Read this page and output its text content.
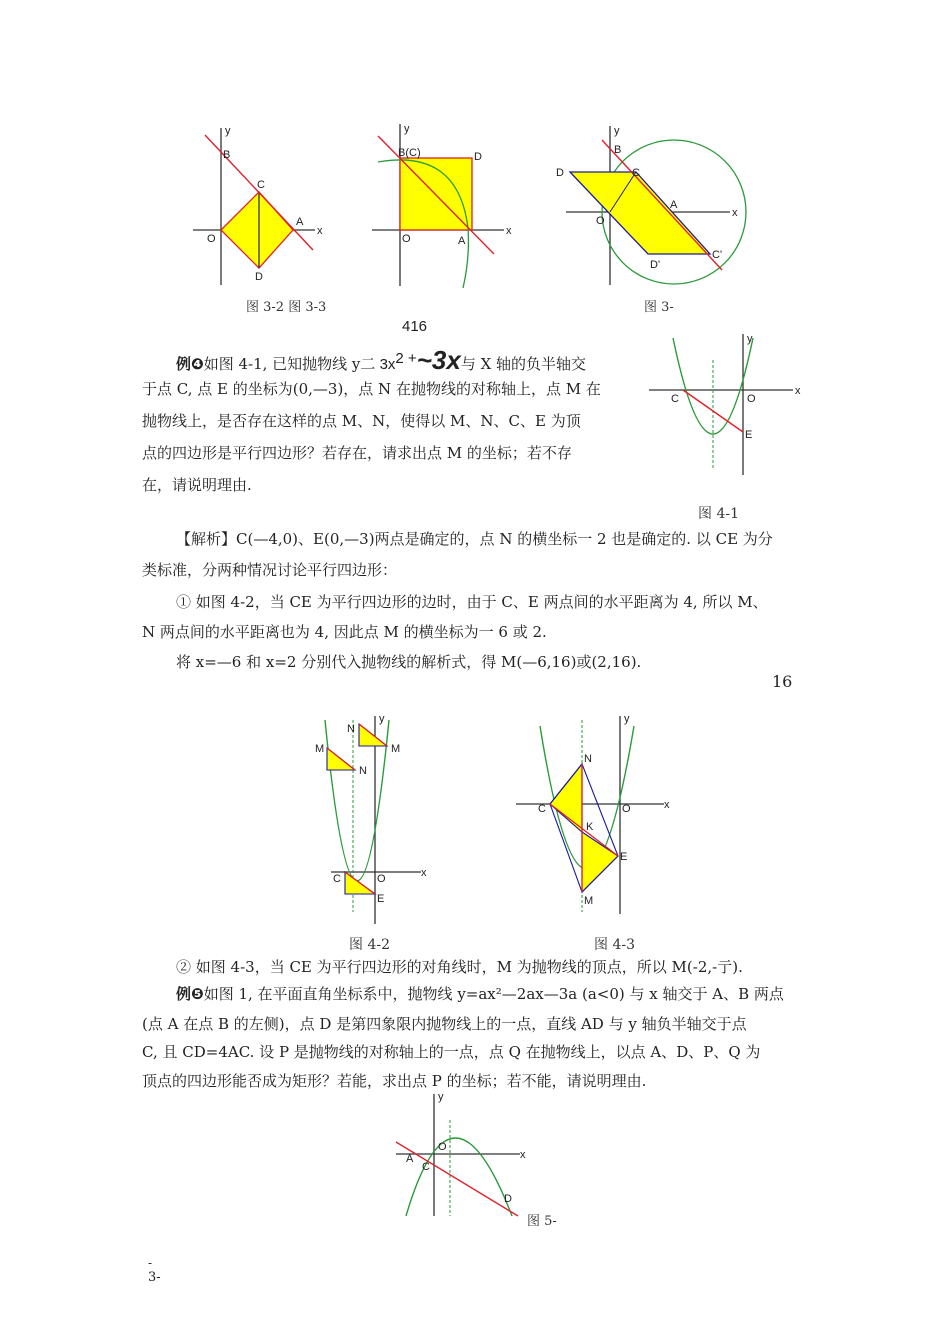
y
B
C
A
O
x
D
y
B(C)	D
O	A
x
y
B
D	C
A
O
D'
C'
x
图 3-2 图 3-3	图 3-
416
例❹如图 4-1, 已知抛物线 y二 $3x^{2 +}\sim 3x$与 X 轴的负半轴交
于点 C, 点 E 的坐标为(0,—3)，点 N 在抛物线的对称轴上，点 M 在
抛物线上，是否存在这样的点 M、N，使得以 M、N、C、E 为顶
点的四边形是平行四边形？若存在，请求出点 M 的坐标；若不存
在，请说明理由.
y
C	O
E
x
图 4-1
【解析】C(—4,0)、E(0,—3)两点是确定的，点 N 的横坐标一 2 也是确定的. 以 CE 为分
类标准，分两种情况讨论平行四边形：
① 如图 4-2，当 CE 为平行四边形的边时，由于 C、E 两点间的水平距离为 4, 所以 M、
N 两点间的水平距离也为 4, 因此点 M 的横坐标为一 6 或 2.
将 x=—6 和 x=2 分别代入抛物线的解析式，得 M(—6,16)或(2,16).
16
y
N
M
M
N
C	O
E
x
图 4-2
y
N
C	O
K
E
M
x
图 4-3
② 如图 4-3，当 CE 为平行四边形的对角线时，M 为抛物线的顶点，所以 M(-2,-亍).
例❺如图 1, 在平面直角坐标系中，抛物线 y=ax²—2ax—3a (a<0) 与 x 轴交于 A、B 两点
(点 A 在点 B 的左侧)，点 D 是第四象限内抛物线上的一点，直线 AD 与 y 轴负半轴交于点
C, 且 CD=4AC. 设 P 是抛物线的对称轴上的一点，点 Q 在抛物线上，以点 A、D、P、Q 为
顶点的四边形能否成为矩形？若能，求出点 P 的坐标；若不能，请说明理由.
y
A
C
O
D
x
图 5-
-
3-
